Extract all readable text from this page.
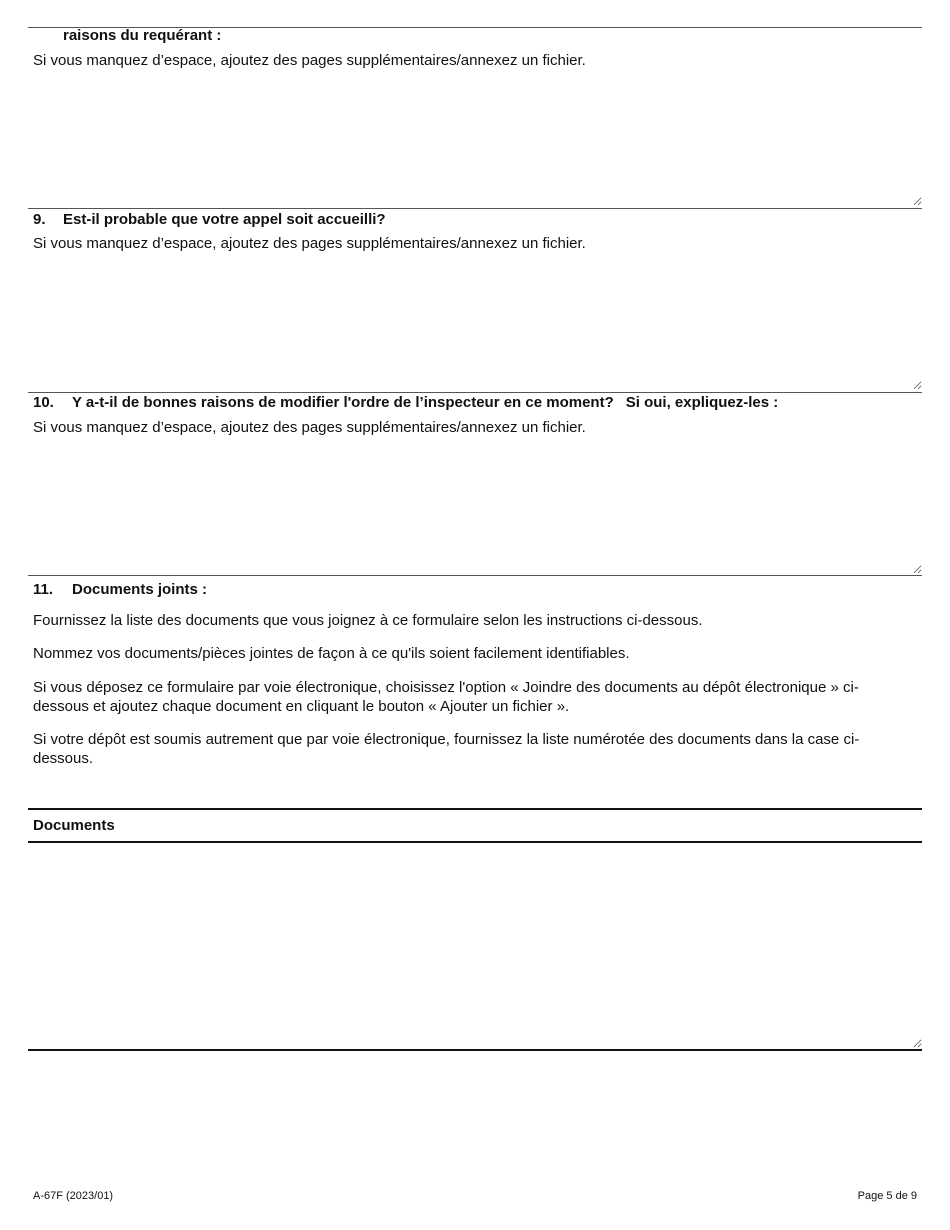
raisons du requérant :
Si vous manquez d’espace, ajoutez des pages supplémentaires/annexez un fichier.
9. Est-il probable que votre appel soit accueilli?
Si vous manquez d’espace, ajoutez des pages supplémentaires/annexez un fichier.
10. Y a-t-il de bonnes raisons de modifier l'ordre de l’inspecteur en ce moment? Si oui, expliquez-les :
Si vous manquez d’espace, ajoutez des pages supplémentaires/annexez un fichier.
11. Documents joints :
Fournissez la liste des documents que vous joignez à ce formulaire selon les instructions ci-dessous.
Nommez vos documents/pièces jointes de façon à ce qu'ils soient facilement identifiables.
Si vous déposez ce formulaire par voie électronique, choisissez l'option « Joindre des documents au dépôt électronique » ci-dessous et ajoutez chaque document en cliquant le bouton « Ajouter un fichier ».
Si votre dépôt est soumis autrement que par voie électronique, fournissez la liste numérotée des documents dans la case ci-dessous.
Documents
A-67F (2023/01)	Page 5 de 9
